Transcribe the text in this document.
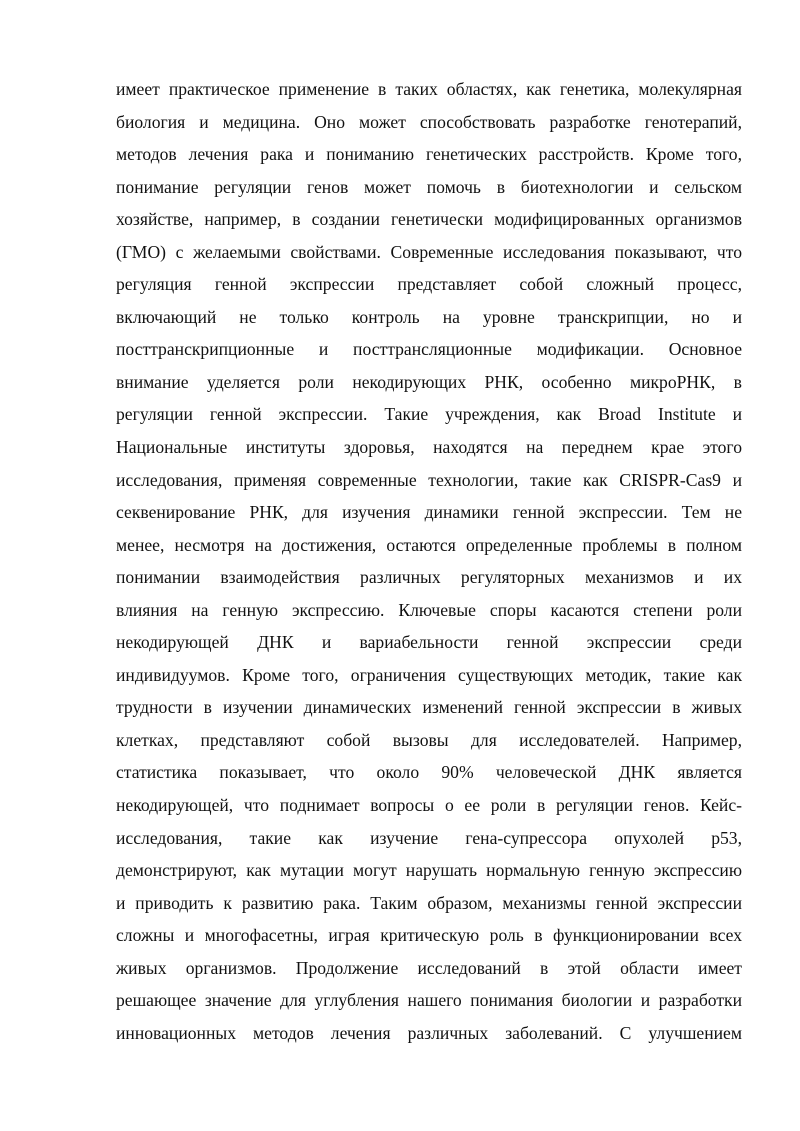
имеет практическое применение в таких областях, как генетика, молекулярная
биология и медицина. Оно может способствовать разработке генотерапий,
методов лечения рака и пониманию генетических расстройств. Кроме того,
понимание регуляции генов может помочь в биотехнологии и сельском
хозяйстве, например, в создании генетически модифицированных организмов
(ГМО) с желаемыми свойствами. Современные исследования показывают, что
регуляция генной экспрессии представляет собой сложный процесс,
включающий не только контроль на уровне транскрипции, но и
посттранскрипционные и посттрансляционные модификации. Основное
внимание уделяется роли некодирующих РНК, особенно микроРНК, в
регуляции генной экспрессии. Такие учреждения, как Broad Institute и
Национальные институты здоровья, находятся на переднем крае этого
исследования, применяя современные технологии, такие как CRISPR-Cas9 и
секвенирование РНК, для изучения динамики генной экспрессии. Тем не
менее, несмотря на достижения, остаются определенные проблемы в полном
понимании взаимодействия различных регуляторных механизмов и их
влияния на генную экспрессию. Ключевые споры касаются степени роли
некодирующей ДНК и вариабельности генной экспрессии среди
индивидуумов. Кроме того, ограничения существующих методик, такие как
трудности в изучении динамических изменений генной экспрессии в живых
клетках, представляют собой вызовы для исследователей. Например,
статистика показывает, что около 90% человеческой ДНК является
некодирующей, что поднимает вопросы о ее роли в регуляции генов. Кейс-
исследования, такие как изучение гена-супрессора опухолей p53,
демонстрируют, как мутации могут нарушать нормальную генную экспрессию
и приводить к развитию рака. Таким образом, механизмы генной экспрессии
сложны и многофасетны, играя критическую роль в функционировании всех
живых организмов. Продолжение исследований в этой области имеет
решающее значение для углубления нашего понимания биологии и разработки
инновационных методов лечения различных заболеваний. С улучшением
